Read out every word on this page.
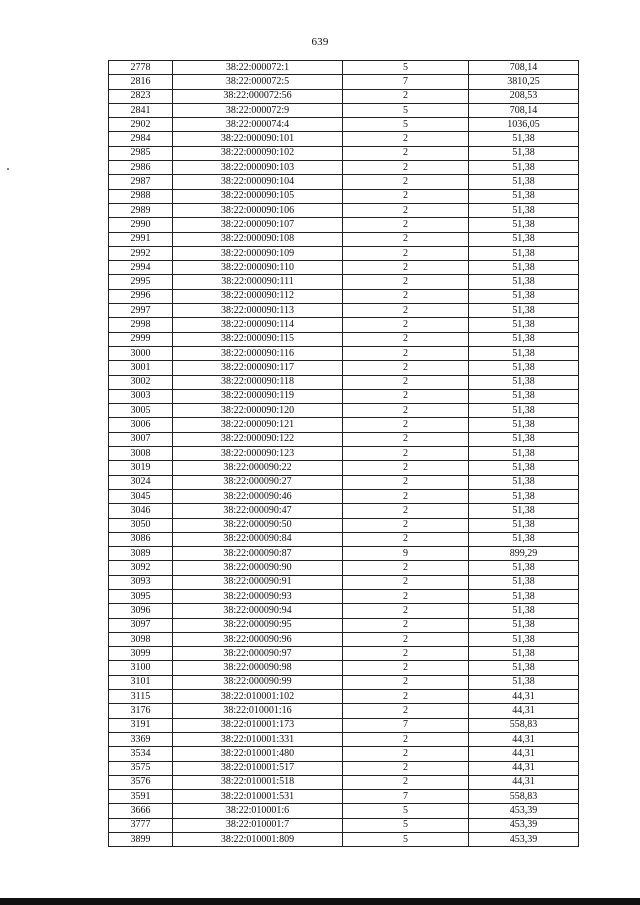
639
2778	38:22:000072:1	5	708,14
2816	38:22:000072:5	7	3810,25
2823	38:22:000072:56	2	208,53
2841	38:22:000072:9	5	708,14
2902	38:22:000074:4	5	1036,05
2984	38:22:000090:101	2	51,38
2985	38:22:000090:102	2	51,38
2986	38:22:000090:103	2	51,38
2987	38:22:000090:104	2	51,38
2988	38:22:000090:105	2	51,38
2989	38:22:000090:106	2	51,38
2990	38:22:000090:107	2	51,38
2991	38:22:000090:108	2	51,38
2992	38:22:000090:109	2	51,38
2994	38:22:000090:110	2	51,38
2995	38:22:000090:111	2	51,38
2996	38:22:000090:112	2	51,38
2997	38:22:000090:113	2	51,38
2998	38:22:000090:114	2	51,38
2999	38:22:000090:115	2	51,38
3000	38:22:000090:116	2	51,38
3001	38:22:000090:117	2	51,38
3002	38:22:000090:118	2	51,38
3003	38:22:000090:119	2	51,38
3005	38:22:000090:120	2	51,38
3006	38:22:000090:121	2	51,38
3007	38:22:000090:122	2	51,38
3008	38:22:000090:123	2	51,38
3019	38:22:000090:22	2	51,38
3024	38:22:000090:27	2	51,38
3045	38:22:000090:46	2	51,38
3046	38:22:000090:47	2	51,38
3050	38:22:000090:50	2	51,38
3086	38:22:000090:84	2	51,38
3089	38:22:000090:87	9	899,29
3092	38:22:000090:90	2	51,38
3093	38:22:000090:91	2	51,38
3095	38:22:000090:93	2	51,38
3096	38:22:000090:94	2	51,38
3097	38:22:000090:95	2	51,38
3098	38:22:000090:96	2	51,38
3099	38:22:000090:97	2	51,38
3100	38:22:000090:98	2	51,38
3101	38:22:000090:99	2	51,38
3115	38:22:010001:102	2	44,31
3176	38:22:010001:16	2	44,31
3191	38:22:010001:173	7	558,83
3369	38:22:010001:331	2	44,31
3534	38:22:010001:480	2	44,31
3575	38:22:010001:517	2	44,31
3576	38:22:010001:518	2	44,31
3591	38:22:010001:531	7	558,83
3666	38:22:010001:6	5	453,39
3777	38:22:010001:7	5	453,39
3899	38:22:010001:809	5	453,39
